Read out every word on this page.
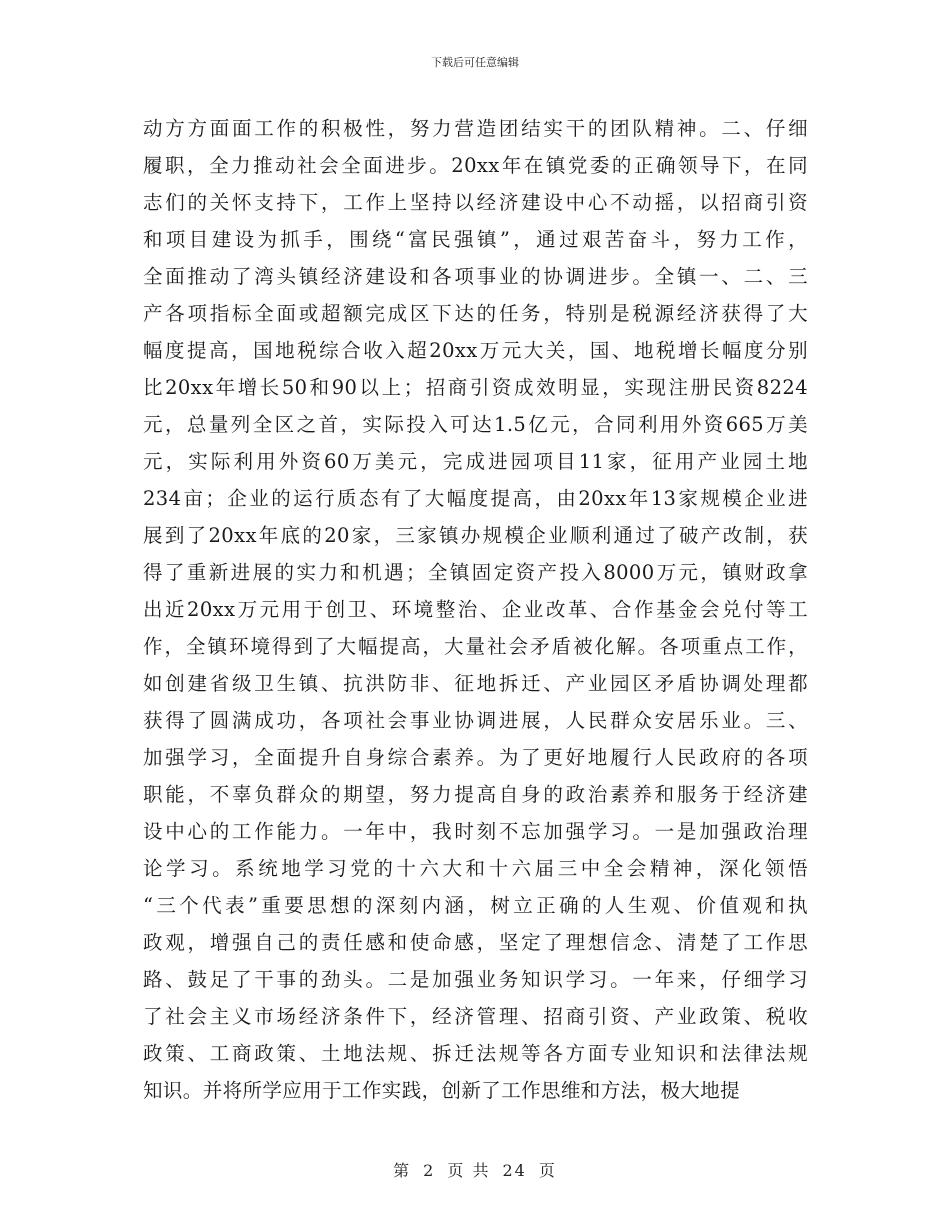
下载后可任意编辑
动方方面面工作的积极性，努力营造团结实干的团队精神。二、仔细
履职，全力推动社会全面进步。20xx年在镇党委的正确领导下，在同
志们的关怀支持下，工作上坚持以经济建设中心不动摇，以招商引资
和项目建设为抓手，围绕“富民强镇”，通过艰苦奋斗，努力工作，
全面推动了湾头镇经济建设和各项事业的协调进步。全镇一、二、三
产各项指标全面或超额完成区下达的任务，特别是税源经济获得了大
幅度提高，国地税综合收入超20xx万元大关，国、地税增长幅度分别
比20xx年增长50和90以上；招商引资成效明显，实现注册民资8224
元，总量列全区之首，实际投入可达1.5亿元，合同利用外资665万美
元，实际利用外资60万美元，完成进园项目11家，征用产业园土地
234亩；企业的运行质态有了大幅度提高，由20xx年13家规模企业进
展到了20xx年底的20家，三家镇办规模企业顺利通过了破产改制，获
得了重新进展的实力和机遇；全镇固定资产投入8000万元，镇财政拿
出近20xx万元用于创卫、环境整治、企业改革、合作基金会兑付等工
作，全镇环境得到了大幅提高，大量社会矛盾被化解。各项重点工作，
如创建省级卫生镇、抗洪防非、征地拆迁、产业园区矛盾协调处理都
获得了圆满成功，各项社会事业协调进展，人民群众安居乐业。三、
加强学习，全面提升自身综合素养。为了更好地履行人民政府的各项
职能，不辜负群众的期望，努力提高自身的政治素养和服务于经济建
设中心的工作能力。一年中，我时刻不忘加强学习。一是加强政治理
论学习。系统地学习党的十六大和十六届三中全会精神，深化领悟
“三个代表”重要思想的深刻内涵，树立正确的人生观、价值观和执
政观，增强自己的责任感和使命感，坚定了理想信念、清楚了工作思
路、鼓足了干事的劲头。二是加强业务知识学习。一年来，仔细学习
了社会主义市场经济条件下，经济管理、招商引资、产业政策、税收
政策、工商政策、土地法规、拆迁法规等各方面专业知识和法律法规
知识。并将所学应用于工作实践，创新了工作思维和方法，极大地提
第 2 页 共 24 页
